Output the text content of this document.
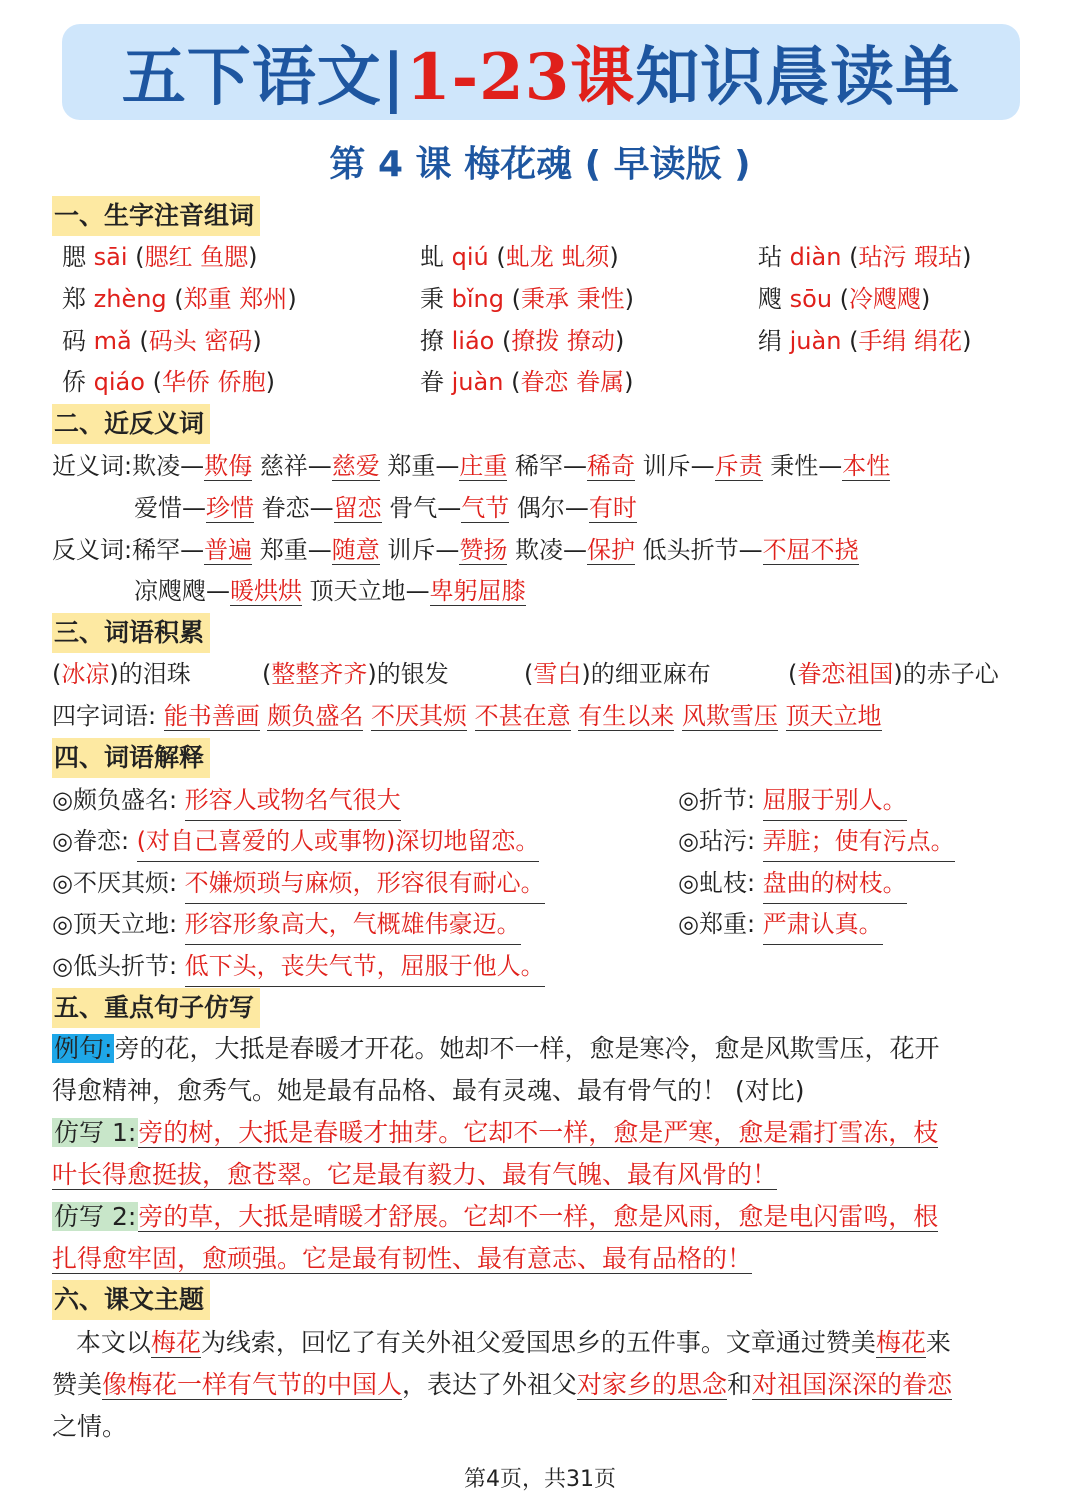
五下语文|1-23课知识晨读单
第 4 课 梅花魂 ( 早读版 )
一、生字注音组词
腮 sāi (腮红 鱼腮)	虬 qiú (虬龙 虬须)	玷 diàn (玷污 瑕玷)
郑 zhèng (郑重 郑州)	秉 bǐng (秉承 秉性)	飕 sōu (冷飕飕)
码 mǎ (码头 密码)	撩 liáo (撩拨 撩动)	绢 juàn (手绢 绢花)
侨 qiáo (华侨 侨胞)	眷 juàn (眷恋 眷属)
二、近反义词
近义词:欺凌—欺侮 慈祥—慈爱 郑重—庄重 稀罕—稀奇 训斥—斥责 秉性—本性
爱惜—珍惜 眷恋—留恋 骨气—气节 偶尔—有时
反义词:稀罕—普遍 郑重—随意 训斥—赞扬 欺凌—保护 低头折节—不屈不挠
凉飕飕—暖烘烘 顶天立地—卑躬屈膝
三、词语积累
(冰凉)的泪珠	(整整齐齐)的银发	(雪白)的细亚麻布	(眷恋祖国)的赤子心
四字词语: 能书善画 颇负盛名 不厌其烦 不甚在意 有生以来 风欺雪压 顶天立地
四、词语解释
◎颇负盛名: 形容人或物名气很大
◎眷恋: (对自己喜爱的人或事物)深切地留恋。
◎不厌其烦: 不嫌烦琐与麻烦，形容很有耐心。
◎顶天立地: 形容形象高大，气概雄伟豪迈。
◎低头折节: 低下头，丧失气节，屈服于他人。
◎折节: 屈服于别人。
◎玷污: 弄脏；使有污点。
◎虬枝: 盘曲的树枝。
◎郑重: 严肃认真。
五、重点句子仿写
例句:旁的花，大抵是春暖才开花。她却不一样，愈是寒冷，愈是风欺雪压，花开
得愈精神，愈秀气。她是最有品格、最有灵魂、最有骨气的！ (对比)
仿写 1:旁的树，大抵是春暖才抽芽。它却不一样，愈是严寒，愈是霜打雪冻，枝
叶长得愈挺拔，愈苍翠。它是最有毅力、最有气魄、最有风骨的！
仿写 2:旁的草，大抵是晴暖才舒展。它却不一样，愈是风雨，愈是电闪雷鸣，根
扎得愈牢固，愈顽强。它是最有韧性、最有意志、最有品格的！
六、课文主题
本文以梅花为线索，回忆了有关外祖父爱国思乡的五件事。文章通过赞美梅花来
赞美像梅花一样有气节的中国人，表达了外祖父对家乡的思念和对祖国深深的眷恋
之情。
第4页，共31页
